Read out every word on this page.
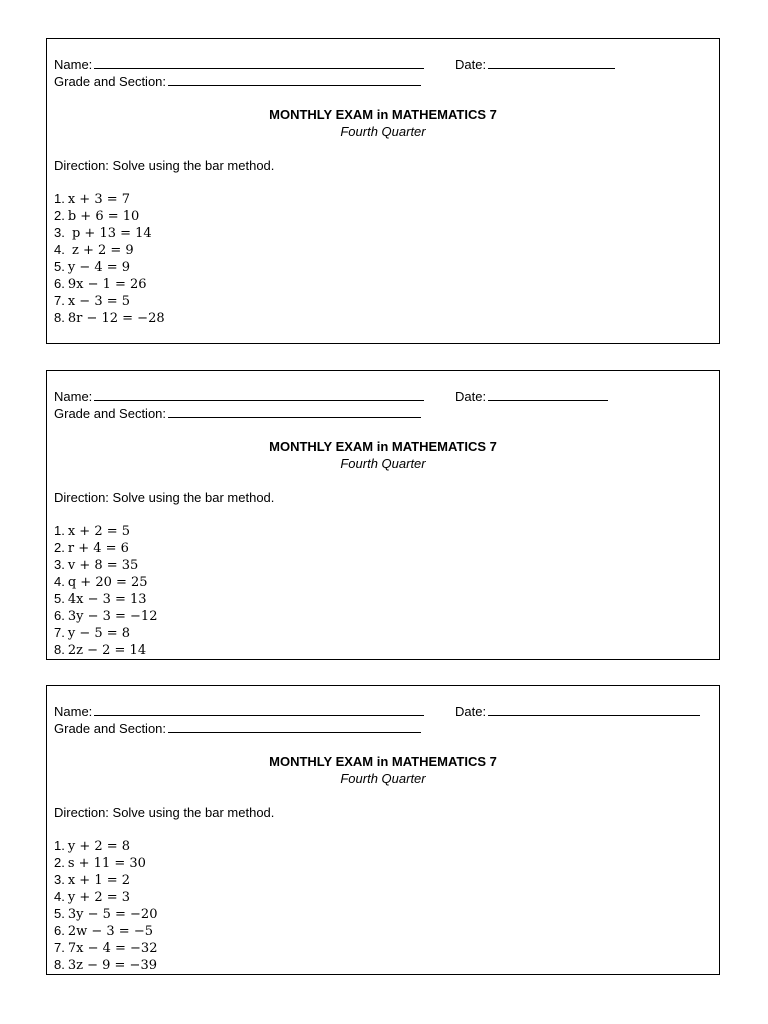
Name:	Date:
Grade and Section:
MONTHLY EXAM in MATHEMATICS 7
Fourth Quarter
Direction: Solve using the bar method.
1. x + 3 = 7
2. b + 6 = 10
3. p + 13 = 14
4. z + 2 = 9
5. y − 4 = 9
6. 9x − 1 = 26
7. x − 3 = 5
8. 8r − 12 = −28
Name:	Date:
Grade and Section:
MONTHLY EXAM in MATHEMATICS 7
Fourth Quarter
Direction: Solve using the bar method.
1. x + 2 = 5
2. r + 4 = 6
3. v + 8 = 35
4. q + 20 = 25
5. 4x − 3 = 13
6. 3y − 3 = −12
7. y − 5 = 8
8. 2z − 2 = 14
Name:	Date:
Grade and Section:
MONTHLY EXAM in MATHEMATICS 7
Fourth Quarter
Direction: Solve using the bar method.
1. y + 2 = 8
2. s + 11 = 30
3. x + 1 = 2
4. y + 2 = 3
5. 3y − 5 = −20
6. 2w − 3 = −5
7. 7x − 4 = −32
8. 3z − 9 = −39
